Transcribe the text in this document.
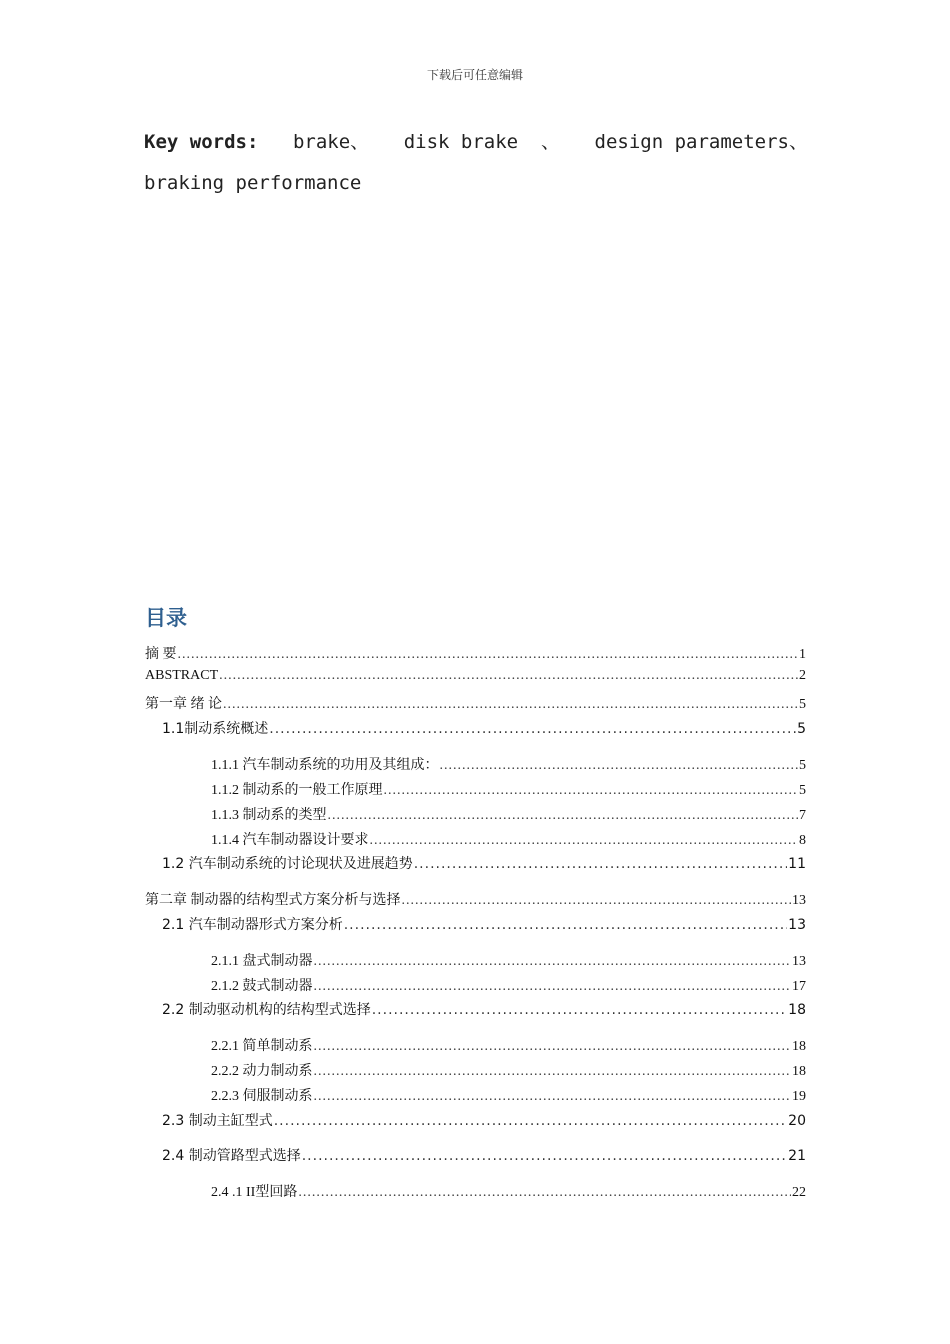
下载后可任意编辑
Key words: brake、 disk brake  、 design parameters、
braking performance
目录
摘 要 .....	1
ABSTRACT .....	2
第一章 绪 论 .....	5
1.1制动系统概述 .....	5
1.1.1 汽车制动系统的功用及其组成： .....	5
1.1.2 制动系的一般工作原理 .....	5
1.1.3 制动系的类型 .....	7
1.1.4 汽车制动器设计要求 .....	8
1.2 汽车制动系统的讨论现状及进展趋势 .....	11
第二章 制动器的结构型式方案分析与选择 .....	13
2.1 汽车制动器形式方案分析 .....	13
2.1.1 盘式制动器 .....	13
2.1.2 鼓式制动器 .....	17
2.2 制动驱动机构的结构型式选择 .....	18
2.2.1 简单制动系 .....	18
2.2.2 动力制动系 .....	18
2.2.3 伺服制动系 .....	19
2.3 制动主缸型式 .....	20
2.4 制动管路型式选择 .....	21
2.4 .1 II型回路 .....	22
